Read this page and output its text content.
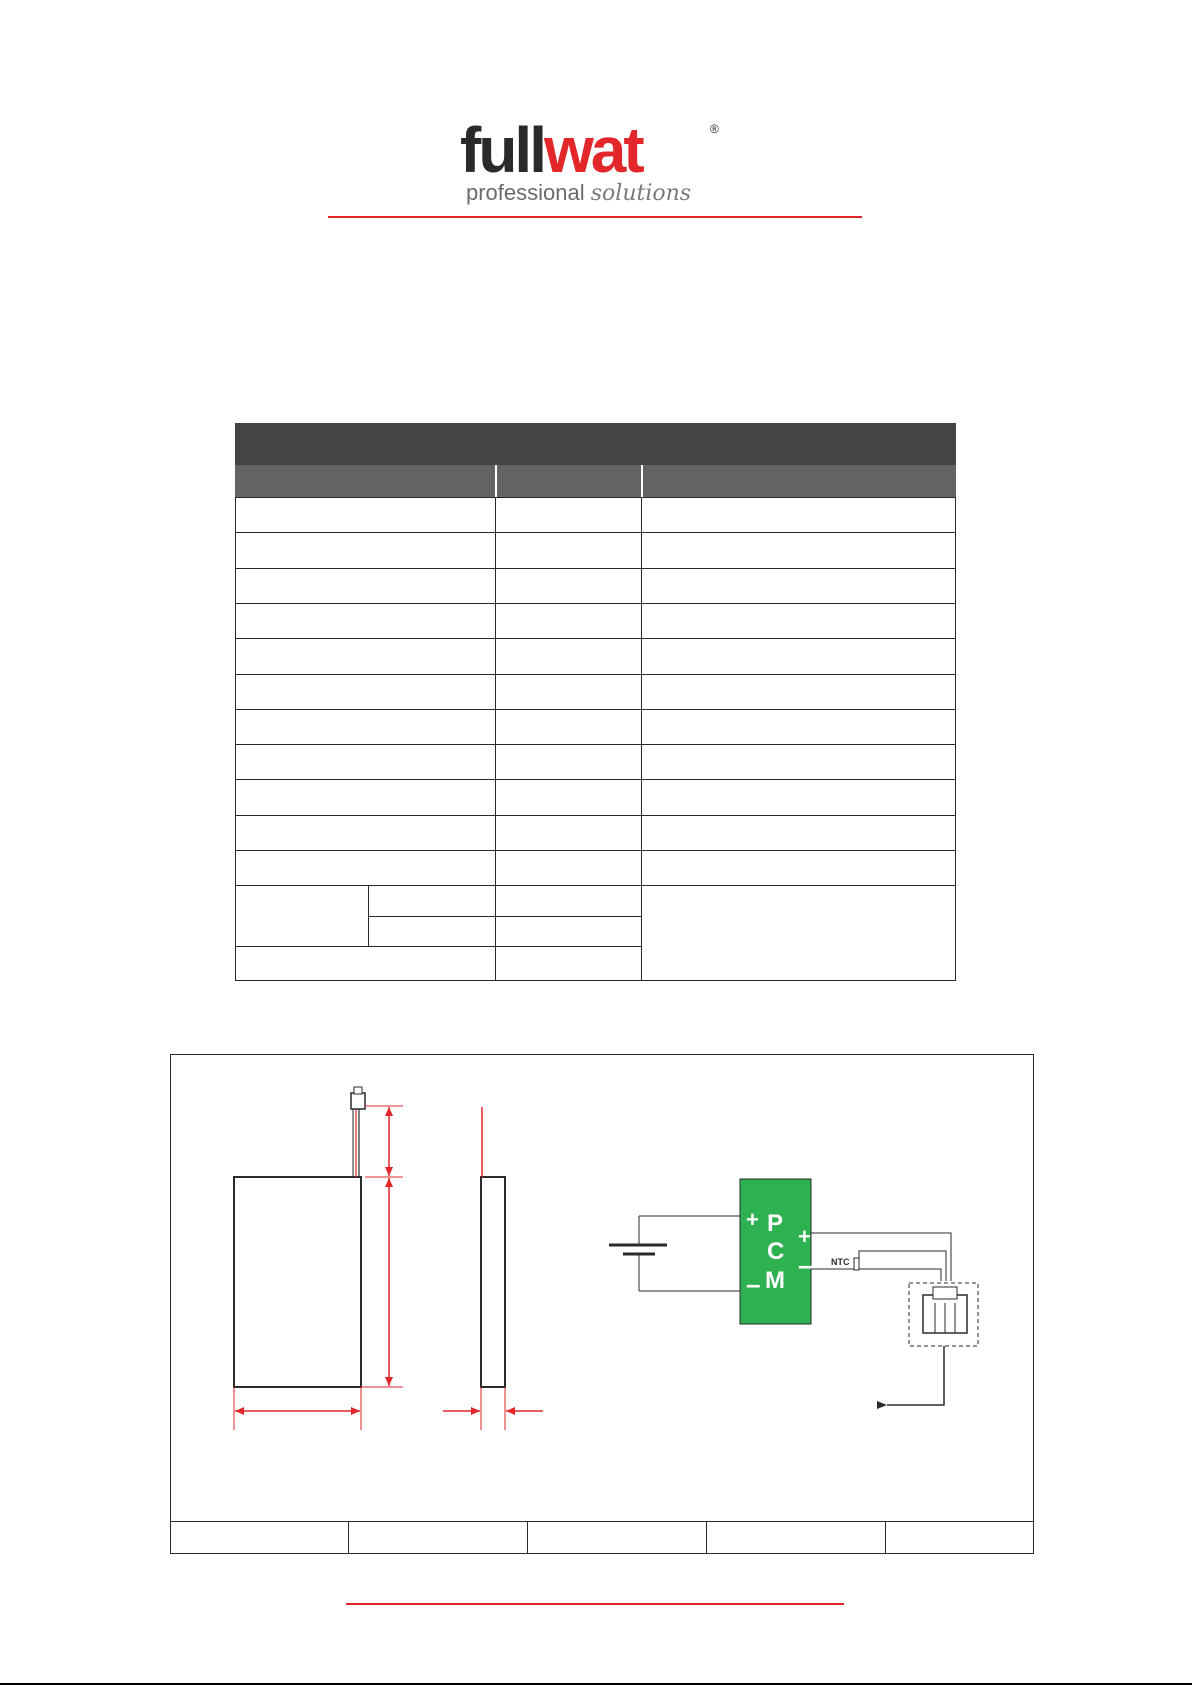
fullwat	®
professional solutions
+
–
+
–
P
C
M
NTC
